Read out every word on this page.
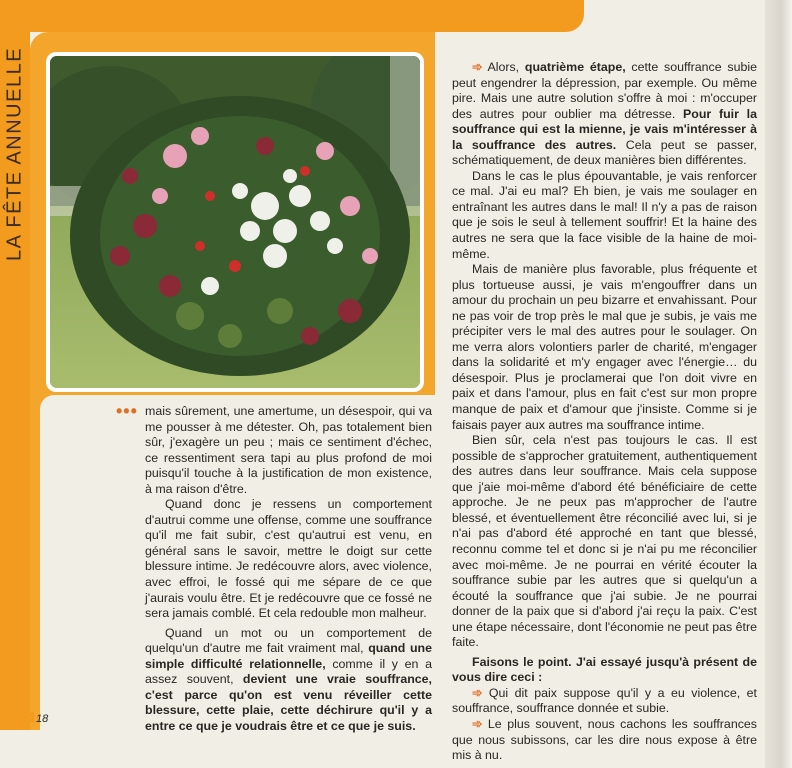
LA FÊTE ANNUELLE
••• mais sûrement, une amertume, un désespoir, qui va me pousser à me détester. Oh, pas totalement bien sûr, j'exagère un peu ; mais ce sentiment d'échec, ce ressentiment sera tapi au plus profond de moi puisqu'il touche à la justification de mon existence, à ma raison d'être.

Quand donc je ressens un comportement d'autrui comme une offense, comme une souffrance qu'il me fait subir, c'est qu'autrui est venu, en général sans le savoir, mettre le doigt sur cette blessure intime. Je redécouvre alors, avec violence, avec effroi, le fossé qui me sépare de ce que j'aurais voulu être. Et je redécouvre que ce fossé ne sera jamais comblé. Et cela redouble mon malheur.

Quand un mot ou un comportement de quelqu'un d'autre me fait vraiment mal, quand une simple difficulté relationnelle, comme il y en a assez souvent, devient une vraie souffrance, c'est parce qu'on est venu réveiller cette blessure, cette plaie, cette déchirure qu'il y a entre ce que je voudrais être et ce que je suis.

➾ Alors, quatrième étape, cette souffrance subie peut engendrer la dépression, par exemple. Ou même pire. Mais une autre solution s'offre à moi : m'occuper des autres pour oublier ma détresse. Pour fuir la souffrance qui est la mienne, je vais m'intéresser à la souffrance des autres. Cela peut se passer, schématiquement, de deux manières bien différentes.

Dans le cas le plus épouvantable, je vais renforcer ce mal. J'ai eu mal? Eh bien, je vais me soulager en entraînant les autres dans le mal! Il n'y a pas de raison que je sois le seul à tellement souffrir! Et la haine des autres ne sera que la face visible de la haine de moi-même.

Mais de manière plus favorable, plus fréquente et plus tortueuse aussi, je vais m'engouffrer dans un amour du prochain un peu bizarre et envahissant. Pour ne pas voir de trop près le mal que je subis, je vais me précipiter vers le mal des autres pour le soulager. On me verra alors volontiers parler de charité, m'engager dans la solidarité et m'y engager avec l'énergie… du désespoir. Plus je proclamerai que l'on doit vivre en paix et dans l'amour, plus en fait c'est sur mon propre manque de paix et d'amour que j'insiste. Comme si je faisais payer aux autres ma souffrance intime.

Bien sûr, cela n'est pas toujours le cas. Il est possible de s'approcher gratuitement, authentiquement des autres dans leur souffrance. Mais cela suppose que j'aie moi-même d'abord été bénéficiaire de cette approche. Je ne peux pas m'approcher de l'autre blessé, et éventuellement être réconcilié avec lui, si je n'ai pas d'abord été approché en tant que blessé, reconnu comme tel et donc si je n'ai pu me réconcilier avec moi-même. Je ne pourrai en vérité écouter la souffrance subie par les autres que si quelqu'un a écouté la souffrance que j'ai subie. Je ne pourrai donner de la paix que si d'abord j'ai reçu la paix. C'est une étape nécessaire, dont l'économie ne peut pas être faite.

Faisons le point. J'ai essayé jusqu'à présent de vous dire ceci :

➾ Qui dit paix suppose qu'il y a eu violence, et souffrance, souffrance donnée et subie.

➾ Le plus souvent, nous cachons les souffrances que nous subissons, car les dire nous expose à être mis à nu.

18
